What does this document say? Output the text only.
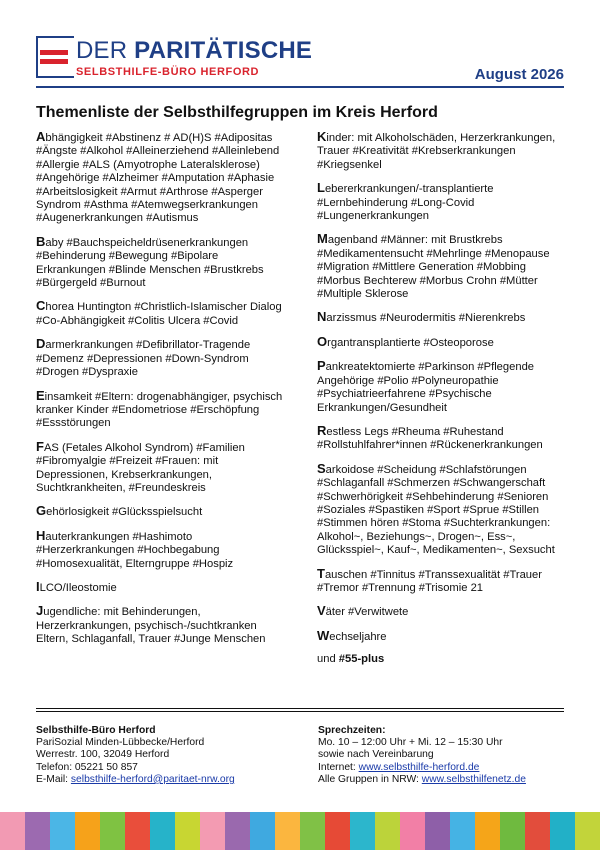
DER PARITÄTISCHE
SELBSTHILFE-BÜRO HERFORD	August 2026
Themenliste der Selbsthilfegruppen im Kreis Herford
Abhängigkeit #Abstinenz # AD(H)S #Adipositas #Ängste #Alkohol #Alleinerziehend #Alleinlebend #Allergie #ALS (Amyotrophe Lateralsklerose) #Angehörige #Alzheimer #Amputation #Aphasie #Arbeitslosigkeit #Armut #Arthrose #Asperger Syndrom #Asthma #Atemwegserkrankungen #Augenerkrankungen #Autismus
Baby #Bauchspeicheldrüsenerkrankungen #Behinderung #Bewegung #Bipolare Erkrankungen #Blinde Menschen #Brustkrebs #Bürgergeld #Burnout
Chorea Huntington #Christlich-Islamischer Dialog #Co-Abhängigkeit #Colitis Ulcera #Covid
Darmerkrankungen #Defibrillator-Tragende #Demenz #Depressionen #Down-Syndrom #Drogen #Dyspraxie
Einsamkeit #Eltern: drogenabhängiger, psychisch kranker Kinder #Endometriose #Erschöpfung #Essstörungen
FAS (Fetales Alkohol Syndrom) #Familien #Fibromyalgie #Freizeit #Frauen: mit Depressionen, Krebserkrankungen, Suchtkrankheiten, #Freundeskreis
Gehörlosigkeit #Glücksspielsucht
Hauterkrankungen #Hashimoto #Herzerkrankungen #Hochbegabung #Homosexualität, Elterngruppe #Hospiz
ILCO/Ileostomie
Jugendliche: mit Behinderungen, Herzerkrankungen, psychisch-/suchtkranken Eltern, Schlaganfall, Trauer #Junge Menschen
Kinder: mit Alkoholschäden, Herzerkrankungen, Trauer #Kreativität #Krebserkrankungen #Kriegsenkel
Lebererkrankungen/-transplantierte #Lernbehinderung #Long-Covid #Lungenerkrankungen
Magenband #Männer: mit Brustkrebs #Medikamentensucht #Mehrlinge #Menopause #Migration #Mittlere Generation #Mobbing #Morbus Bechterew #Morbus Crohn #Mütter #Multiple Sklerose
Narzissmus #Neurodermitis #Nierenkrebs
Organtransplantierte #Osteoporose
Pankreatektomierte #Parkinson #Pflegende Angehörige #Polio #Polyneuropathie #Psychiatrieerfahrene #Psychische Erkrankungen/Gesundheit
Restless Legs #Rheuma #Ruhestand #Rollstuhlfahrer*innen #Rückenerkrankungen
Sarkoidose #Scheidung #Schlafstörungen #Schlaganfall #Schmerzen #Schwangerschaft #Schwerhörigkeit #Sehbehinderung #Senioren #Soziales #Spastiken #Sport #Sprue #Stillen #Stimmen hören #Stoma #Suchterkrankungen: Alkohol~, Beziehungs~, Drogen~, Ess~, Glücksspiel~, Kauf~, Medikamenten~, Sexsucht
Tauschen #Tinnitus #Transsexualität #Trauer #Tremor #Trennung #Trisomie 21
Väter #Verwitwete
Wechseljahre
und #55-plus
Selbsthilfe-Büro Herford
PariSozial Minden-Lübbecke/Herford
Werrestr. 100, 32049 Herford
Telefon: 05221 50 857
E-Mail: selbsthilfe-herford@paritaet-nrw.org
Sprechzeiten:
Mo. 10 – 12:00 Uhr + Mi. 12 – 15:30 Uhr
sowie nach Vereinbarung
Internet: www.selbsthilfe-herford.de
Alle Gruppen in NRW: www.selbsthilfenetz.de
